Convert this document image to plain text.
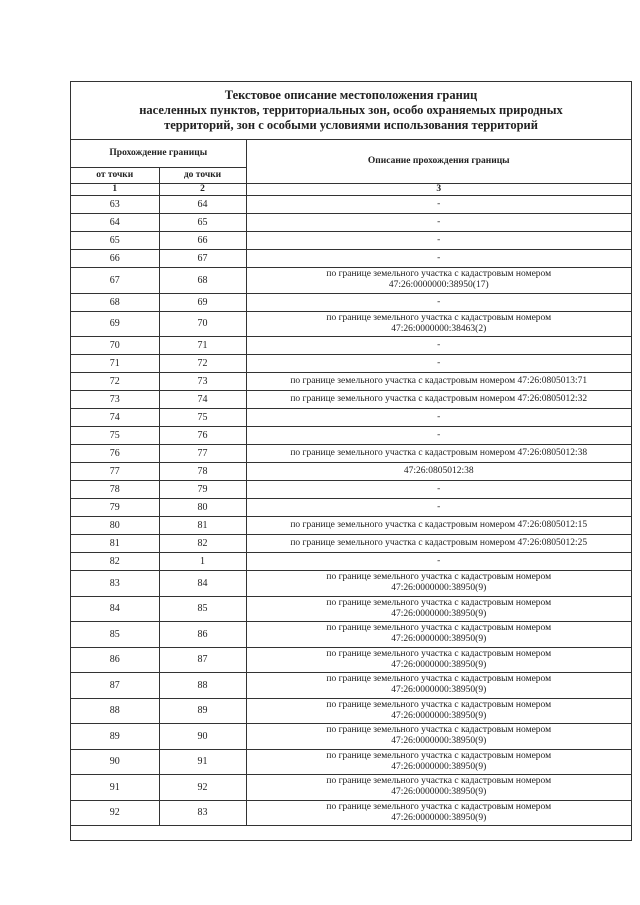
Текстовое описание местоположения границ
населенных пунктов, территориальных зон, особо охраняемых природных
территорий, зон с особыми условиями использования территорий
Прохождение границы		Описание прохождения границы
от точки	до точки	
1	2	3
63	64	-

64	65	-

65	66	-

66	67	-

67	68	по границе земельного участка с кадастровым номером
47:26:0000000:38950(17)

68	69	-

69	70	по границе земельного участка с кадастровым номером
47:26:0000000:38463(2)

70	71	-

71	72	-

72	73	по границе земельного участка с кадастровым номером 47:26:0805013:71

73	74	по границе земельного участка с кадастровым номером 47:26:0805012:32

74	75	-

75	76	-

76	77	по границе земельного участка с кадастровым номером 47:26:0805012:38

77	78	47:26:0805012:38

78	79	-

79	80	-

80	81	по границе земельного участка с кадастровым номером 47:26:0805012:15

81	82	по границе земельного участка с кадастровым номером 47:26:0805012:25

82	1	-

83	84	по границе земельного участка с кадастровым номером
47:26:0000000:38950(9)

84	85	по границе земельного участка с кадастровым номером
47:26:0000000:38950(9)

85	86	по границе земельного участка с кадастровым номером
47:26:0000000:38950(9)

86	87	по границе земельного участка с кадастровым номером
47:26:0000000:38950(9)

87	88	по границе земельного участка с кадастровым номером
47:26:0000000:38950(9)

88	89	по границе земельного участка с кадастровым номером
47:26:0000000:38950(9)

89	90	по границе земельного участка с кадастровым номером
47:26:0000000:38950(9)

90	91	по границе земельного участка с кадастровым номером
47:26:0000000:38950(9)

91	92	по границе земельного участка с кадастровым номером
47:26:0000000:38950(9)

92	83	по границе земельного участка с кадастровым номером
47:26:0000000:38950(9)
